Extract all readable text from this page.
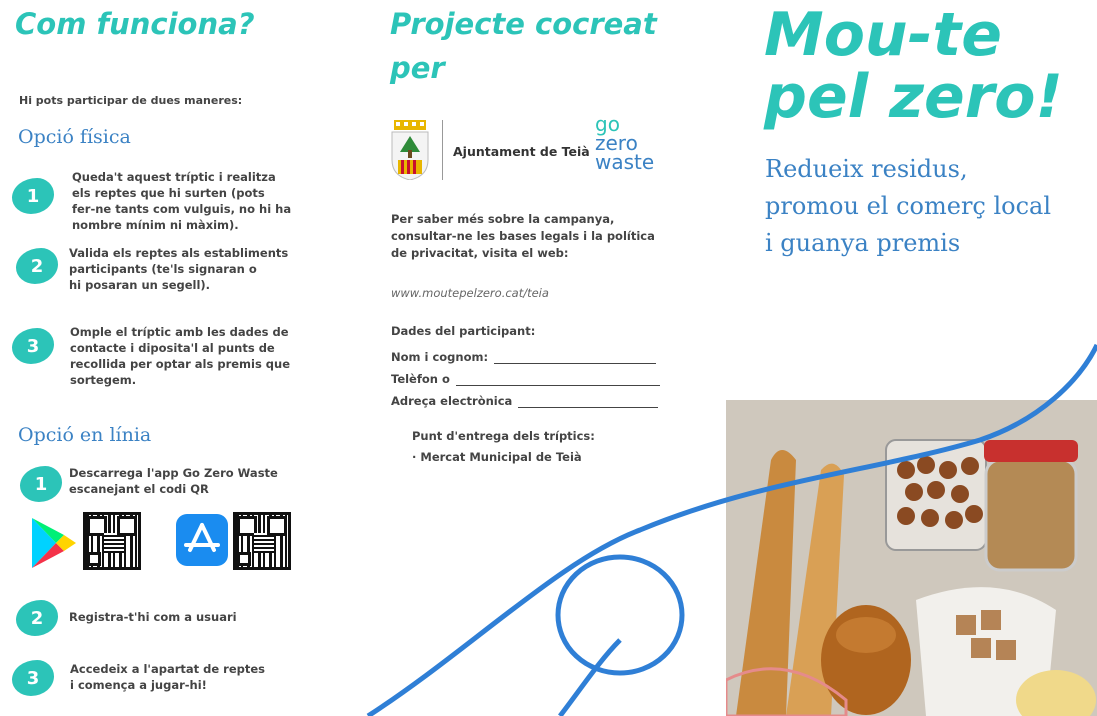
Com funciona?
Hi pots participar de dues maneres:
Opció física
1
Queda't aquest tríptic i realitza
els reptes que hi surten (pots
fer-ne tants com vulguis, no hi ha
nombre mínim ni màxim).
2
Valida els reptes als establiments
participants (te'ls signaran o
hi posaran un segell).
3
Omple el tríptic amb les dades de
contacte i dipositа'l al punts de
recollida per optar als premis que
sortegem.
Opció en línia
1
Descarrega l'app Go Zero Waste
escanejant el codi QR
2	Registra-t'hi com a usuari
3	Accedeix a l'apartat de reptes
i comença a jugar-hi!
Projecte cocreat per
Ajuntament de Teià
go
zero
waste
Per saber més sobre la campanya,
consultar-ne les bases legals i la política
de privacitat, visita el web:
www.moutepelzero.cat/teia
Dades del participant:
Nom i cognom:
Telèfon o
Adreça electrònica
Punt d'entrega dels tríptics:
· Mercat Municipal de Teià
Mou-te pel zero!
Redueix residus,
promou el comerç local
i guanya premis
